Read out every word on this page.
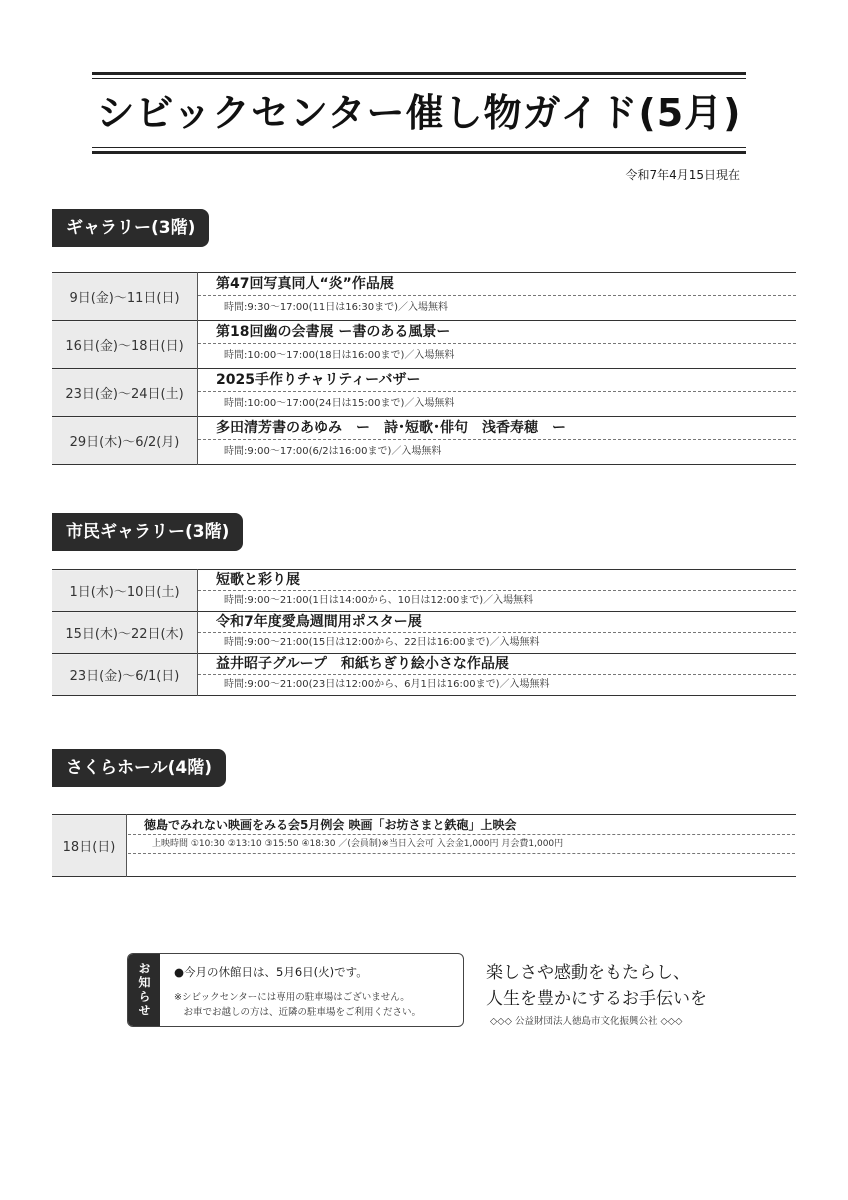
シビックセンター催し物ガイド(5月)
令和7年4月15日現在
ギャラリー(3階)
9日(金)～11日(日)	第47回写真同人“炎”作品展
時間:9:30～17:00(11日は16:30まで)／入場無料

16日(金)～18日(日)	第18回幽の会書展 ー書のある風景ー
時間:10:00～17:00(18日は16:00まで)／入場無料

23日(金)～24日(土)	2025手作りチャリティーバザー
時間:10:00～17:00(24日は15:00まで)／入場無料

29日(木)～6/2(月)	多田清芳書のあゆみ　ー　詩･短歌･俳句　浅香寿穂　ー
時間:9:00～17:00(6/2は16:00まで)／入場無料
市民ギャラリー(3階)
1日(木)～10日(土)	短歌と彩り展
時間:9:00～21:00(1日は14:00から、10日は12:00まで)／入場無料

15日(木)～22日(木)	令和7年度愛鳥週間用ポスター展
時間:9:00～21:00(15日は12:00から、22日は16:00まで)／入場無料

23日(金)～6/1(日)	益井昭子グループ　和紙ちぎり絵小さな作品展
時間:9:00～21:00(23日は12:00から、6月1日は16:00まで)／入場無料
さくらホール(4階)
18日(日)	
徳島でみれない映画をみる会5月例会 映画「お坊さまと鉄砲」上映会
上映時間 ①10:30 ②13:10 ③15:50 ④18:30 ／(会員制)※当日入会可 入会金1,000円 月会費1,000円
お知らせ	●今月の休館日は、5月6日(火)です。
※シビックセンターには専用の駐車場はございません。
　お車でお越しの方は、近隣の駐車場をご利用ください。
楽しさや感動をもたらし、
人生を豊かにするお手伝いを
◇◇◇ 公益財団法人徳島市文化振興公社 ◇◇◇
